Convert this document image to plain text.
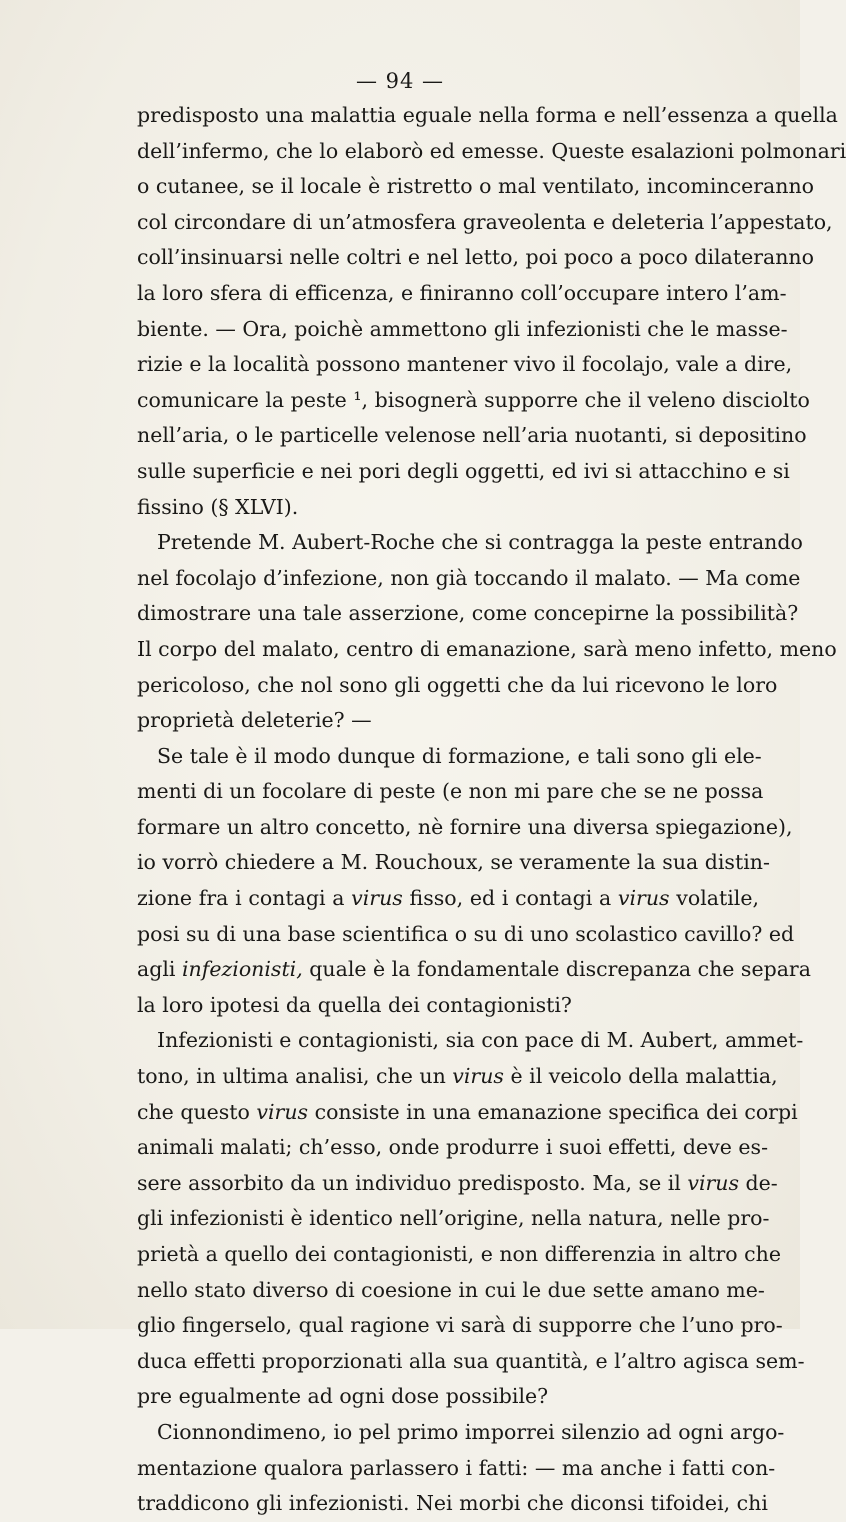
— 94 —
predisposto una malattia eguale nella forma e nell’essenza a quella
dell’infermo, che lo elaborò ed emesse. Queste esalazioni polmonari
o cutanee, se il locale è ristretto o mal ventilato, incominceranno
col circondare di un’atmosfera graveolenta e deleteria l’appestato,
coll’insinuarsi nelle coltri e nel letto, poi poco a poco dilateranno
la loro sfera di efficenza, e finiranno coll’occupare intero l’am-
biente. — Ora, poichè ammettono gli infezionisti che le masse-
rizie e la località possono mantener vivo il focolajo, vale a dire,
comunicare la peste ¹, bisognerà supporre che il veleno disciolto
nell’aria, o le particelle velenose nell’aria nuotanti, si depositino
sulle superficie e nei pori degli oggetti, ed ivi si attacchino e si
fissino (§ XLVI).
Pretende M. Aubert-Roche che si contragga la peste entrando
nel focolajo d’infezione, non già toccando il malato. — Ma come
dimostrare una tale asserzione, come concepirne la possibilità?
Il corpo del malato, centro di emanazione, sarà meno infetto, meno
pericoloso, che nol sono gli oggetti che da lui ricevono le loro
proprietà deleterie? —
Se tale è il modo dunque di formazione, e tali sono gli ele-
menti di un focolare di peste (e non mi pare che se ne possa
formare un altro concetto, nè fornire una diversa spiegazione),
io vorrò chiedere a M. Rouchoux, se veramente la sua distin-
zione fra i contagi a virus fisso, ed i contagi a virus volatile,
posi su di una base scientifica o su di uno scolastico cavillo? ed
agli infezionisti, quale è la fondamentale discrepanza che separa
la loro ipotesi da quella dei contagionisti?
Infezionisti e contagionisti, sia con pace di M. Aubert, ammet-
tono, in ultima analisi, che un virus è il veicolo della malattia,
che questo virus consiste in una emanazione specifica dei corpi
animali malati; ch’esso, onde produrre i suoi effetti, deve es-
sere assorbito da un individuo predisposto. Ma, se il virus de-
gli infezionisti è identico nell’origine, nella natura, nelle pro-
prietà a quello dei contagionisti, e non differenzia in altro che
nello stato diverso di coesione in cui le due sette amano me-
glio fingerselo, qual ragione vi sarà di supporre che l’uno pro-
duca effetti proporzionati alla sua quantità, e l’altro agisca sem-
pre egualmente ad ogni dose possibile?
Cionnondimeno, io pel primo imporrei silenzio ad ogni argo-
mentazione qualora parlassero i fatti: — ma anche i fatti con-
traddicono gli infezionisti. Nei morbi che diconsi tifoidei, chi
